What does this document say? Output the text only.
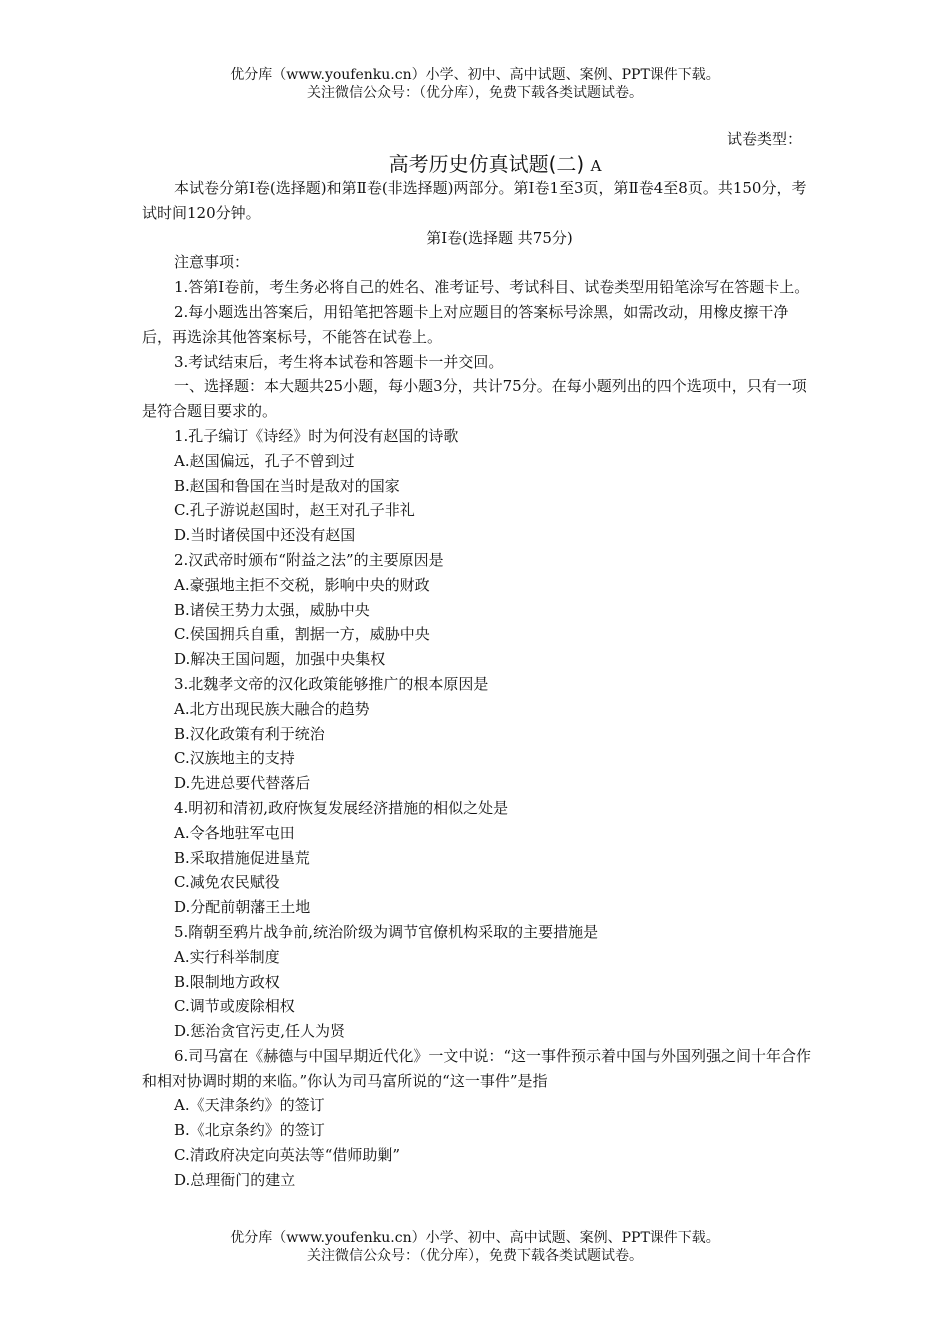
优分库（www.youfenku.cn）小学、初中、高中试题、案例、PPT课件下载。
关注微信公众号：（优分库），免费下载各类试题试卷。
试卷类型：
高考历史仿真试题(二) A

本试卷分第Ⅰ卷(选择题)和第Ⅱ卷(非选择题)两部分。第Ⅰ卷1至3页，第Ⅱ卷4至8页。共150分，考试时间120分钟。

第Ⅰ卷(选择题 共75分)

注意事项：

1.答第Ⅰ卷前，考生务必将自己的姓名、准考证号、考试科目、试卷类型用铅笔涂写在答题卡上。

2.每小题选出答案后，用铅笔把答题卡上对应题目的答案标号涂黑，如需改动，用橡皮擦干净后，再选涂其他答案标号，不能答在试卷上。

3.考试结束后，考生将本试卷和答题卡一并交回。

一、选择题：本大题共25小题，每小题3分，共计75分。在每小题列出的四个选项中，只有一项是符合题目要求的。

1.孔子编订《诗经》时为何没有赵国的诗歌

A.赵国偏远，孔子不曾到过

B.赵国和鲁国在当时是敌对的国家

C.孔子游说赵国时，赵王对孔子非礼

D.当时诸侯国中还没有赵国

2.汉武帝时颁布“附益之法”的主要原因是

A.豪强地主拒不交税，影响中央的财政

B.诸侯王势力太强，威胁中央

C.侯国拥兵自重，割据一方，威胁中央

D.解决王国问题，加强中央集权

3.北魏孝文帝的汉化政策能够推广的根本原因是

A.北方出现民族大融合的趋势

B.汉化政策有利于统治

C.汉族地主的支持

D.先进总要代替落后

4.明初和清初,政府恢复发展经济措施的相似之处是

A.令各地驻军屯田

B.采取措施促进垦荒

C.减免农民赋役

D.分配前朝藩王土地

5.隋朝至鸦片战争前,统治阶级为调节官僚机构采取的主要措施是

A.实行科举制度

B.限制地方政权

C.调节或废除相权

D.惩治贪官污吏,任人为贤

6.司马富在《赫德与中国早期近代化》一文中说：“这一事件预示着中国与外国列强之间十年合作和相对协调时期的来临。”你认为司马富所说的“这一事件”是指

A.《天津条约》的签订

B.《北京条约》的签订

C.清政府决定向英法等“借师助剿”

D.总理衙门的建立

优分库（www.youfenku.cn）小学、初中、高中试题、案例、PPT课件下载。
关注微信公众号：（优分库），免费下载各类试题试卷。
